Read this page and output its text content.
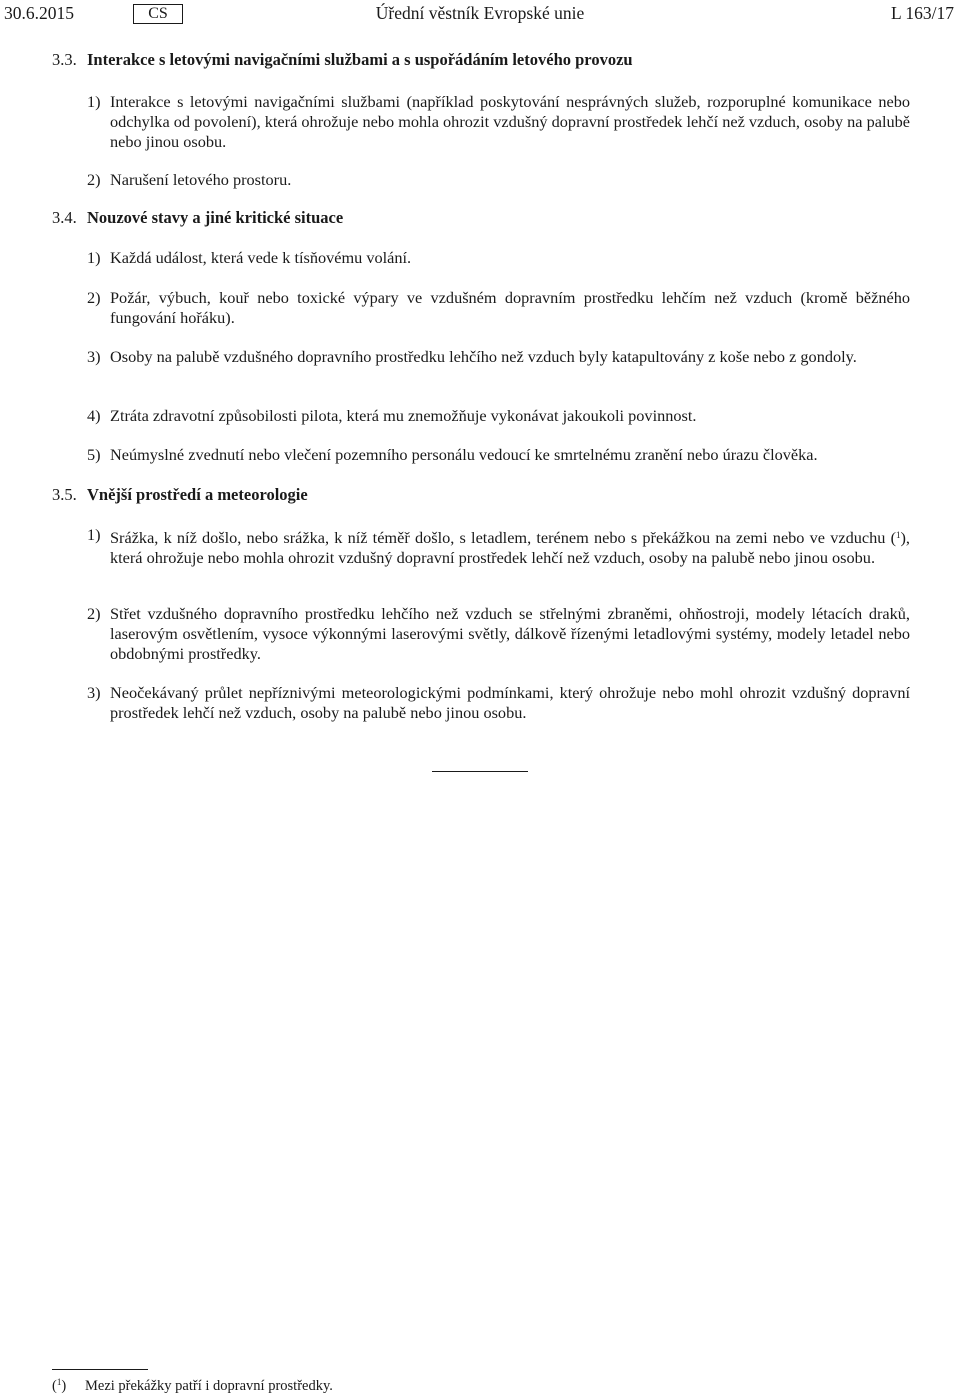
30.6.2015	CS	Úřední věstník Evropské unie	L 163/17
3.3. Interakce s letovými navigačními službami a s uspořádáním letového provozu
1) Interakce s letovými navigačními službami (například poskytování nesprávných služeb, rozporuplné komunikace nebo odchylka od povolení), která ohrožuje nebo mohla ohrozit vzdušný dopravní prostředek lehčí než vzduch, osoby na palubě nebo jinou osobu.
2) Narušení letového prostoru.
3.4. Nouzové stavy a jiné kritické situace
1) Každá událost, která vede k tísňovému volání.
2) Požár, výbuch, kouř nebo toxické výpary ve vzdušném dopravním prostředku lehčím než vzduch (kromě běžného fungování hořáku).
3) Osoby na palubě vzdušného dopravního prostředku lehčího než vzduch byly katapultovány z koše nebo z gondoly.
4) Ztráta zdravotní způsobilosti pilota, která mu znemožňuje vykonávat jakoukoli povinnost.
5) Neúmyslné zvednutí nebo vlečení pozemního personálu vedoucí ke smrtelnému zranění nebo úrazu člověka.
3.5. Vnější prostředí a meteorologie
1) Srážka, k níž došlo, nebo srážka, k níž téměř došlo, s letadlem, terénem nebo s překážkou na zemi nebo ve vzduchu ($^1$), která ohrožuje nebo mohla ohrozit vzdušný dopravní prostředek lehčí než vzduch, osoby na palubě nebo jinou osobu.
2) Střet vzdušného dopravního prostředku lehčího než vzduch se střelnými zbraněmi, ohňostroji, modely létacích draků, laserovým osvětlením, vysoce výkonnými laserovými světly, dálkově řízenými letadlovými systémy, modely letadel nebo obdobnými prostředky.
3) Neočekávaný průlet nepříznivými meteorologickými podmínkami, který ohrožuje nebo mohl ohrozit vzdušný dopravní prostředek lehčí než vzduch, osoby na palubě nebo jinou osobu.
($^1$) Mezi překážky patří i dopravní prostředky.
